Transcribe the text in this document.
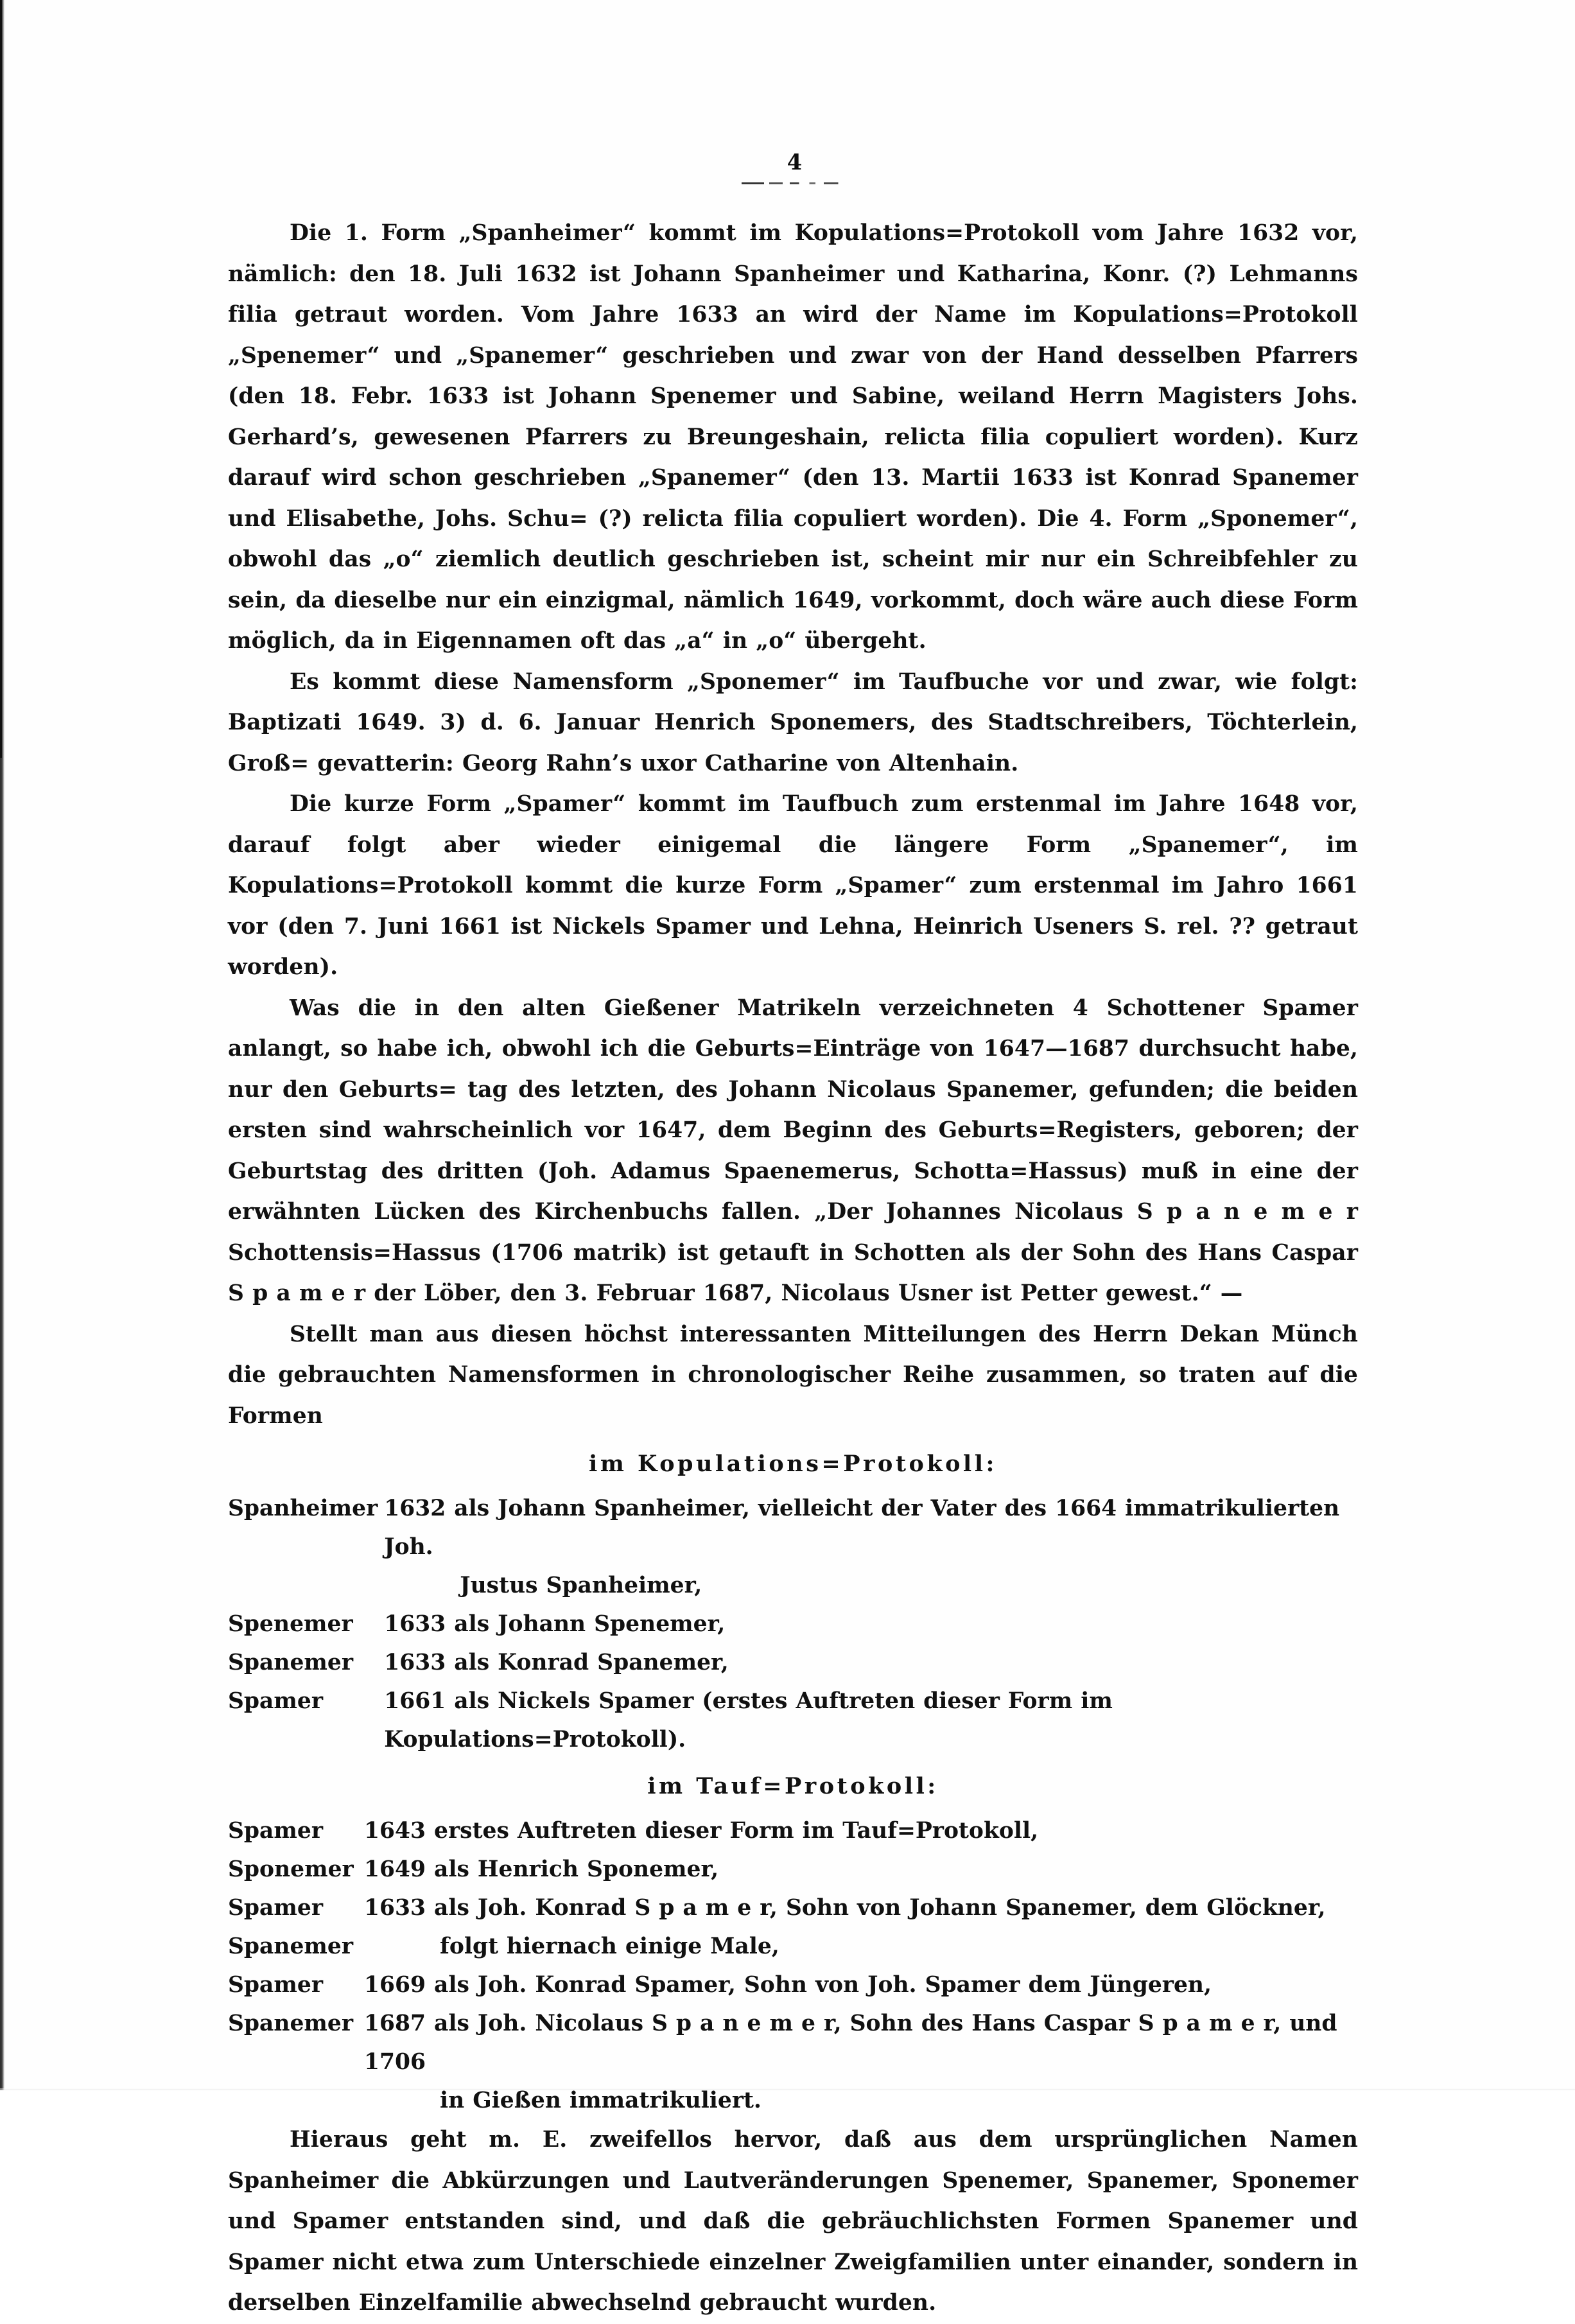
4

Die 1. Form „Spanheimer“ kommt im Kopulations=Protokoll vom Jahre 1632 vor, nämlich: den 18. Juli 1632 ist Johann Spanheimer und Katharina, Konr. (?) Lehmanns filia getraut worden. Vom Jahre 1633 an wird der Name im Kopulations=Protokoll „Spenemer“ und „Spanemer“ geschrieben und zwar von der Hand desselben Pfarrers (den 18. Febr. 1633 ist Johann Spenemer und Sabine, weiland Herrn Magisters Johs. Gerhard’s, gewesenen Pfarrers zu Breungeshain, relicta filia copuliert worden). Kurz darauf wird schon geschrieben „Spanemer“ (den 13. Martii 1633 ist Konrad Spanemer und Elisabethe, Johs. Schu= (?) relicta filia copuliert worden). Die 4. Form „Sponemer“, obwohl das „o“ ziemlich deutlich geschrieben ist, scheint mir nur ein Schreibfehler zu sein, da dieselbe nur ein einzigmal, nämlich 1649, vorkommt, doch wäre auch diese Form möglich, da in Eigennamen oft das „a“ in „o“ übergeht.

Es kommt diese Namensform „Sponemer“ im Taufbuche vor und zwar, wie folgt: Baptizati 1649. 3) d. 6. Januar Henrich Sponemers, des Stadtschreibers, Töchterlein, Groß= gevatterin: Georg Rahn’s uxor Catharine von Altenhain.

Die kurze Form „Spamer“ kommt im Taufbuch zum erstenmal im Jahre 1648 vor, darauf folgt aber wieder einigemal die längere Form „Spanemer“, im Kopulations=Protokoll kommt die kurze Form „Spamer“ zum erstenmal im Jahro 1661 vor (den 7. Juni 1661 ist Nickels Spamer und Lehna, Heinrich Useners S. rel. ?? getraut worden).

Was die in den alten Gießener Matrikeln verzeichneten 4 Schottener Spamer anlangt, so habe ich, obwohl ich die Geburts=Einträge von 1647—1687 durchsucht habe, nur den Geburts= tag des letzten, des Johann Nicolaus Spanemer, gefunden; die beiden ersten sind wahrscheinlich vor 1647, dem Beginn des Geburts=Registers, geboren; der Geburtstag des dritten (Joh. Adamus Spaenemerus, Schotta=Hassus) muß in eine der erwähnten Lücken des Kirchenbuchs fallen. „Der Johannes Nicolaus S p a n e m e r Schottensis=Hassus (1706 matrik) ist getauft in Schotten als der Sohn des Hans Caspar S p a m e r der Löber, den 3. Februar 1687, Nicolaus Usner ist Petter gewest.“ —

Stellt man aus diesen höchst interessanten Mitteilungen des Herrn Dekan Münch die gebrauchten Namensformen in chronologischer Reihe zusammen, so traten auf die Formen

im Kopulations=Protokoll:
Spanheimer	1632 als Johann Spanheimer, vielleicht der Vater des 1664 immatrikulierten Joh.

	Justus Spanheimer,

Spenemer	1633 als Johann Spenemer,
Spanemer	1633 als Konrad Spanemer,
Spamer	1661 als Nickels Spamer (erstes Auftreten dieser Form im Kopulations=Protokoll).
im Tauf=Protokoll:
Spamer	1643 erstes Auftreten dieser Form im Tauf=Protokoll,
Sponemer	1649 als Henrich Sponemer,
Spamer	1633 als Joh. Konrad S p a m e r, Sohn von Johann Spanemer, dem Glöckner,
Spanemer	folgt hiernach einige Male,

Spamer	1669 als Joh. Konrad Spamer, Sohn von Joh. Spamer dem Jüngeren,
Spanemer	1687 als Joh. Nicolaus S p a n e m e r, Sohn des Hans Caspar S p a m e r, und 1706

	in Gießen immatrikuliert.

Hieraus geht m. E. zweifellos hervor, daß aus dem ursprünglichen Namen Spanheimer die Abkürzungen und Lautveränderungen Spenemer, Spanemer, Sponemer und Spamer entstanden sind, und daß die gebräuchlichsten Formen Spanemer und Spamer nicht etwa zum Unterschiede einzelner Zweigfamilien unter einander, sondern in derselben Einzelfamilie abwechselnd gebraucht wurden.
